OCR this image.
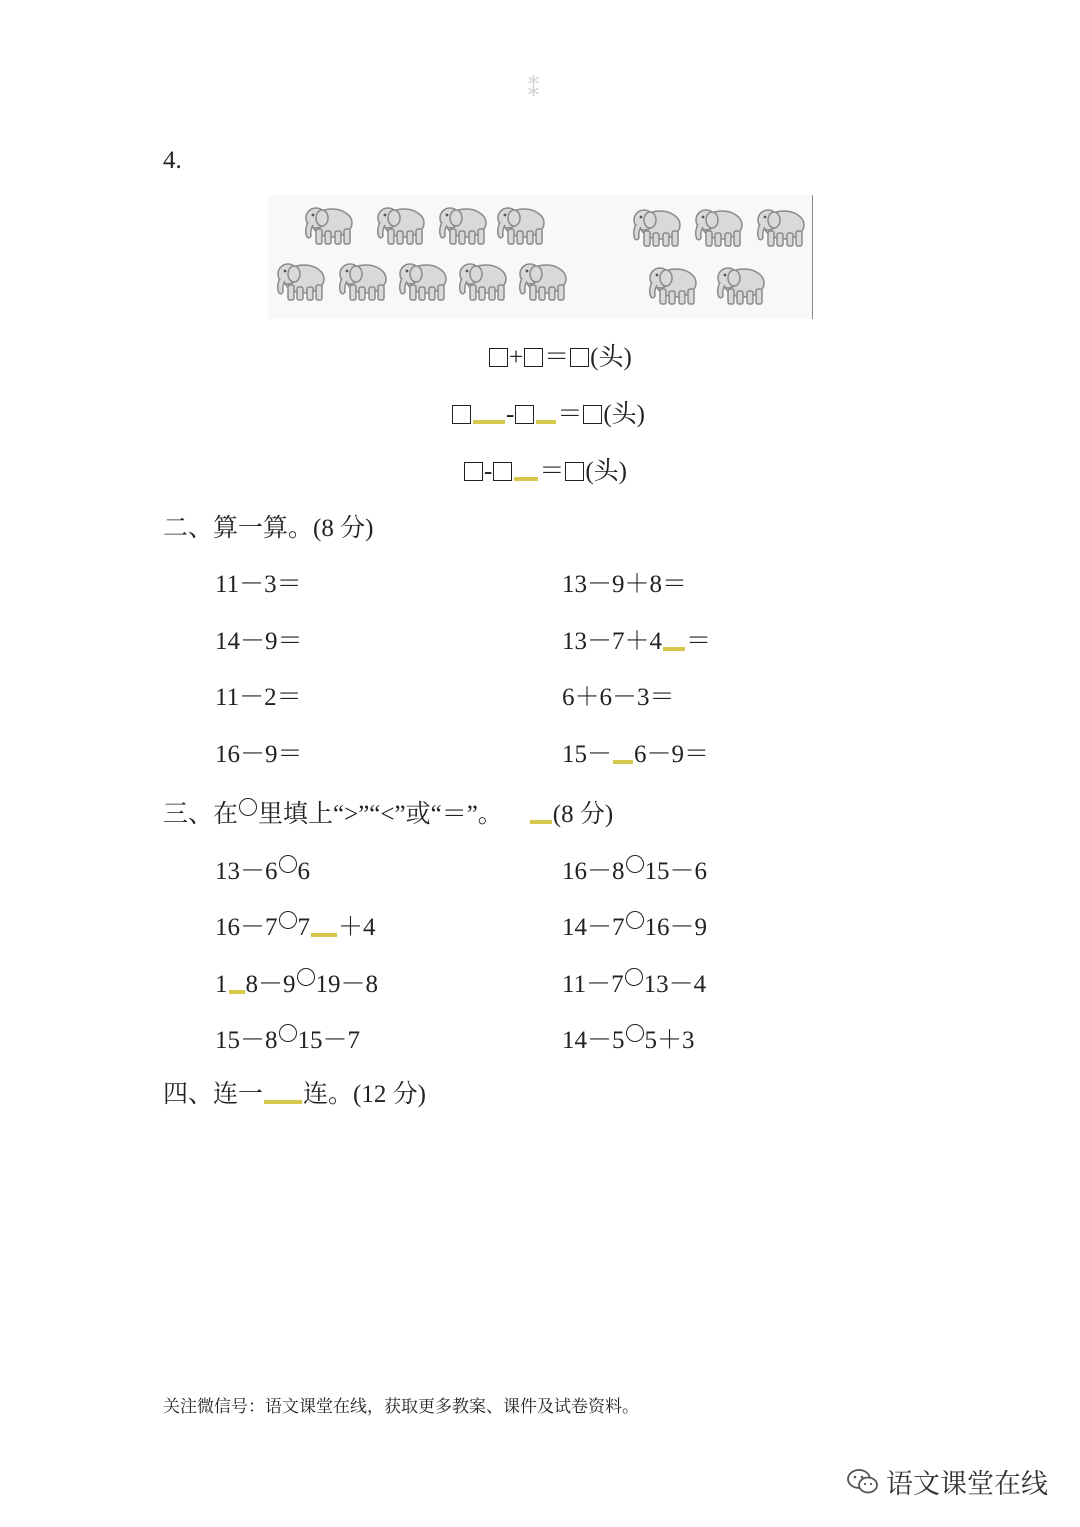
⁑
4.
+ ＝ (头)
- ＝ (头)
- ＝ (头)
二、算一算。(8 分)
11－3＝	13－9＋8＝
14－9＝	13－7＋4 ＝
11－2＝	6＋6－3＝
16－9＝	15－ 6－9＝
三、在 里填上“>”“<”或“＝”。 (8 分)
13－6 6	16－8 15－6
16－7 7 ＋4	14－7 16－9
1 8－9 19－8	11－7 13－4
15－8 15－7	14－5 5＋3
四、连一 连。(12 分)
关注微信号：语文课堂在线，获取更多教案、课件及试卷资料。
语文课堂在线
